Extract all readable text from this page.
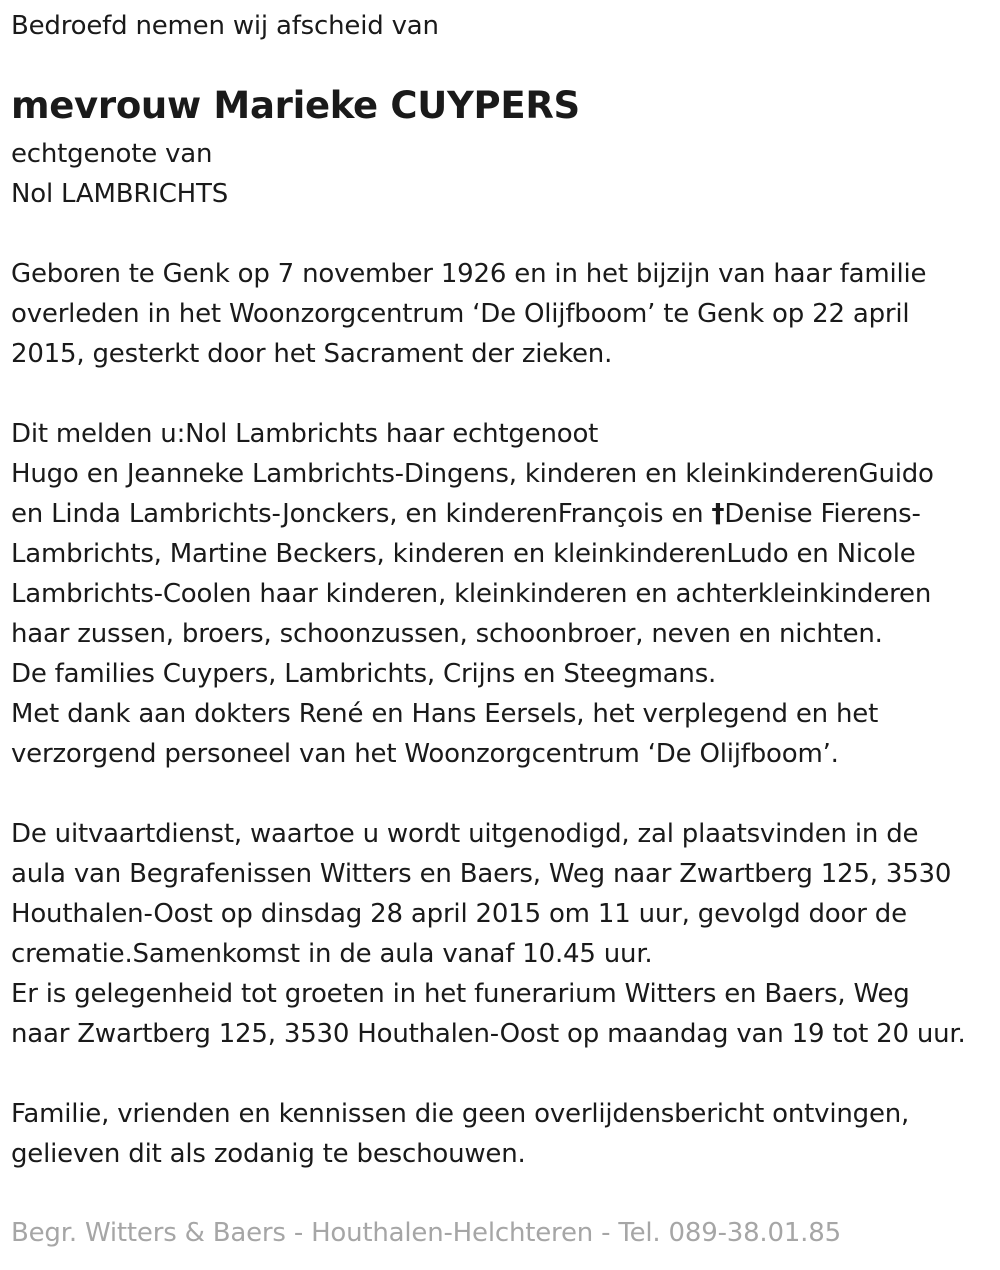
Bedroefd nemen wij afscheid van
mevrouw Marieke CUYPERS
echtgenote van
Nol LAMBRICHTS
Geboren te Genk op 7 november 1926 en in het bijzijn van haar familie
overleden in het Woonzorgcentrum ‘De Olijfboom’ te Genk op 22 april
2015, gesterkt door het Sacrament der zieken.
Dit melden u:Nol Lambrichts haar echtgenoot
Hugo en Jeanneke Lambrichts-Dingens, kinderen en kleinkinderenGuido
en Linda Lambrichts-Jonckers, en kinderenFrançois en †Denise Fierens-
Lambrichts, Martine Beckers, kinderen en kleinkinderenLudo en Nicole
Lambrichts-Coolen haar kinderen, kleinkinderen en achterkleinkinderen
haar zussen, broers, schoonzussen, schoonbroer, neven en nichten.
De families Cuypers, Lambrichts, Crijns en Steegmans.
Met dank aan dokters René en Hans Eersels, het verplegend en het
verzorgend personeel van het Woonzorgcentrum ‘De Olijfboom’.
De uitvaartdienst, waartoe u wordt uitgenodigd, zal plaatsvinden in de
aula van Begrafenissen Witters en Baers, Weg naar Zwartberg 125, 3530
Houthalen-Oost op dinsdag 28 april 2015 om 11 uur, gevolgd door de
crematie.Samenkomst in de aula vanaf 10.45 uur.
Er is gelegenheid tot groeten in het funerarium Witters en Baers, Weg
naar Zwartberg 125, 3530 Houthalen-Oost op maandag van 19 tot 20 uur.
Familie, vrienden en kennissen die geen overlijdensbericht ontvingen,
gelieven dit als zodanig te beschouwen.
Begr. Witters & Baers - Houthalen-Helchteren - Tel. 089-38.01.85
